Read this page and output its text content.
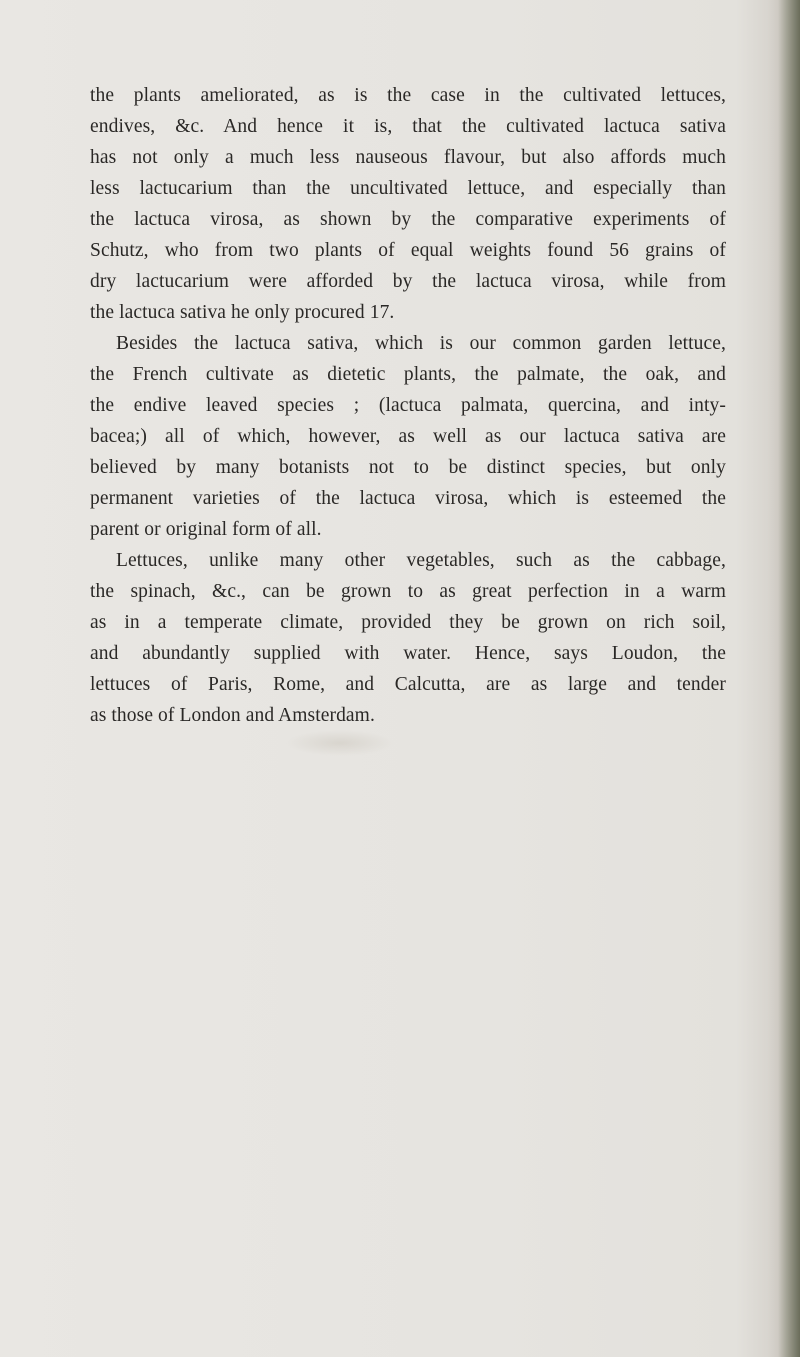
the plants ameliorated, as is the case in the cultivated lettuces,
endives, &c. And hence it is, that the cultivated lactuca sativa
has not only a much less nauseous flavour, but also affords much
less lactucarium than the uncultivated lettuce, and especially than
the lactuca virosa, as shown by the comparative experiments of
Schutz, who from two plants of equal weights found 56 grains of
dry lactucarium were afforded by the lactuca virosa, while from
the lactuca sativa he only procured 17.
Besides the lactuca sativa, which is our common garden lettuce,
the French cultivate as dietetic plants, the palmate, the oak, and
the endive leaved species ; (lactuca palmata, quercina, and inty-
bacea;) all of which, however, as well as our lactuca sativa are
believed by many botanists not to be distinct species, but only
permanent varieties of the lactuca virosa, which is esteemed the
parent or original form of all.
Lettuces, unlike many other vegetables, such as the cabbage,
the spinach, &c., can be grown to as great perfection in a warm
as in a temperate climate, provided they be grown on rich soil,
and abundantly supplied with water. Hence, says Loudon, the
lettuces of Paris, Rome, and Calcutta, are as large and tender
as those of London and Amsterdam.
